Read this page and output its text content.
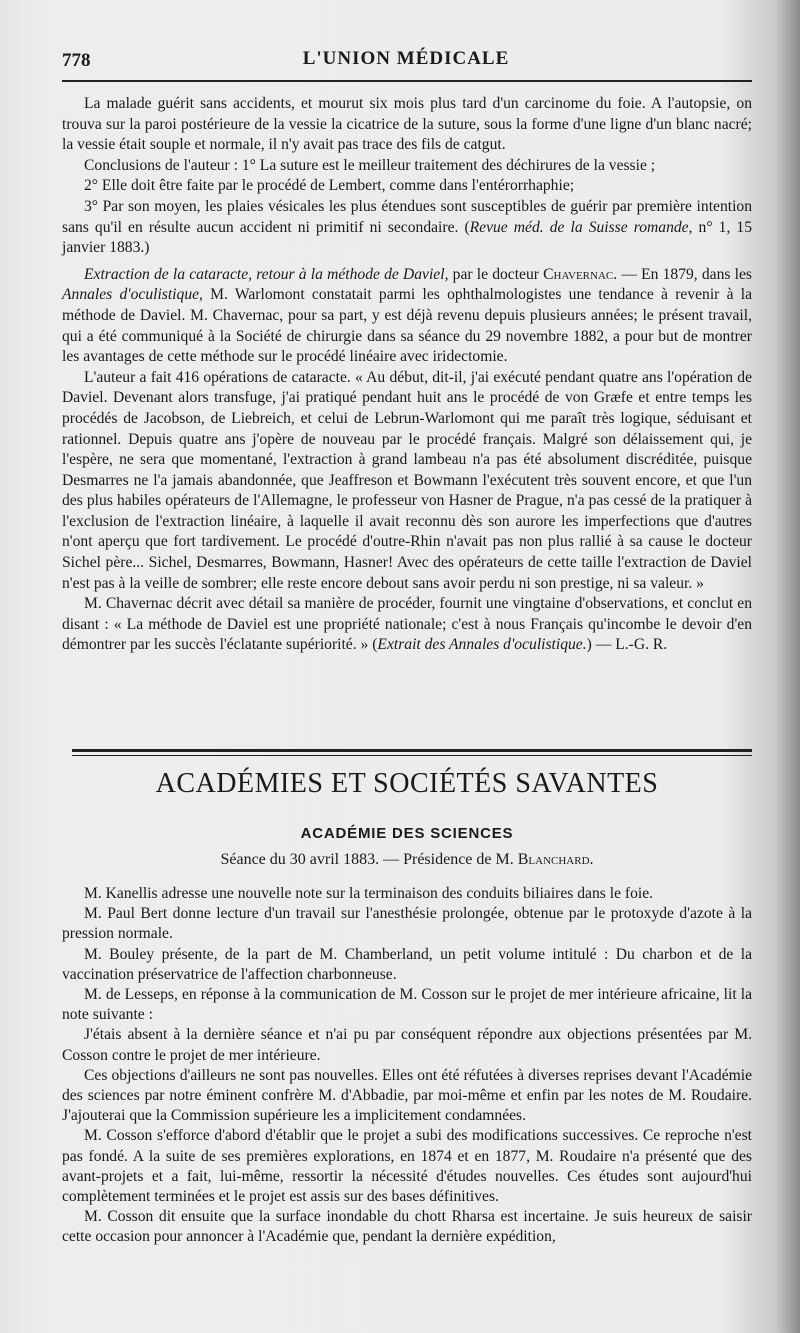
778	L'UNION MÉDICALE

La malade guérit sans accidents, et mourut six mois plus tard d'un carcinome du foie. A l'autopsie, on trouva sur la paroi postérieure de la vessie la cicatrice de la suture, sous la forme d'une ligne d'un blanc nacré; la vessie était souple et normale, il n'y avait pas trace des fils de catgut.

Conclusions de l'auteur : 1° La suture est le meilleur traitement des déchirures de la vessie ;

2° Elle doit être faite par le procédé de Lembert, comme dans l'entérorrhaphie;

3° Par son moyen, les plaies vésicales les plus étendues sont susceptibles de guérir par première intention sans qu'il en résulte aucun accident ni primitif ni secondaire. (Revue méd. de la Suisse romande, n° 1, 15 janvier 1883.)

Extraction de la cataracte, retour à la méthode de Daviel, par le docteur Chavernac. — En 1879, dans les Annales d'oculistique, M. Warlomont constatait parmi les ophthalmologistes une tendance à revenir à la méthode de Daviel. M. Chavernac, pour sa part, y est déjà revenu depuis plusieurs années; le présent travail, qui a été communiqué à la Société de chirurgie dans sa séance du 29 novembre 1882, a pour but de montrer les avantages de cette méthode sur le procédé linéaire avec iridectomie.

L'auteur a fait 416 opérations de cataracte. « Au début, dit-il, j'ai exécuté pendant quatre ans l'opération de Daviel. Devenant alors transfuge, j'ai pratiqué pendant huit ans le procédé de von Græfe et entre temps les procédés de Jacobson, de Liebreich, et celui de Lebrun-Warlomont qui me paraît très logique, séduisant et rationnel. Depuis quatre ans j'opère de nouveau par le procédé français. Malgré son délaissement qui, je l'espère, ne sera que momentané, l'extraction à grand lambeau n'a pas été absolument discréditée, puisque Desmarres ne l'a jamais abandonnée, que Jeaffreson et Bowmann l'exécutent très souvent encore, et que l'un des plus habiles opérateurs de l'Allemagne, le professeur von Hasner de Prague, n'a pas cessé de la pratiquer à l'exclusion de l'extraction linéaire, à laquelle il avait reconnu dès son aurore les imperfections que d'autres n'ont aperçu que fort tardivement. Le procédé d'outre-Rhin n'avait pas non plus rallié à sa cause le docteur Sichel père... Sichel, Desmarres, Bowmann, Hasner! Avec des opérateurs de cette taille l'extraction de Daviel n'est pas à la veille de sombrer; elle reste encore debout sans avoir perdu ni son prestige, ni sa valeur. »

M. Chavernac décrit avec détail sa manière de procéder, fournit une vingtaine d'observations, et conclut en disant : « La méthode de Daviel est une propriété nationale; c'est à nous Français qu'incombe le devoir d'en démontrer par les succès l'éclatante supériorité. » (Extrait des Annales d'oculistique.) — L.-G. R.

ACADÉMIES ET SOCIÉTÉS SAVANTES
ACADÉMIE DES SCIENCES
Séance du 30 avril 1883. — Présidence de M. Blanchard.

M. Kanellis adresse une nouvelle note sur la terminaison des conduits biliaires dans le foie.

M. Paul Bert donne lecture d'un travail sur l'anesthésie prolongée, obtenue par le protoxyde d'azote à la pression normale.

M. Bouley présente, de la part de M. Chamberland, un petit volume intitulé : Du charbon et de la vaccination préservatrice de l'affection charbonneuse.

M. de Lesseps, en réponse à la communication de M. Cosson sur le projet de mer intérieure africaine, lit la note suivante :

J'étais absent à la dernière séance et n'ai pu par conséquent répondre aux objections présentées par M. Cosson contre le projet de mer intérieure.

Ces objections d'ailleurs ne sont pas nouvelles. Elles ont été réfutées à diverses reprises devant l'Académie des sciences par notre éminent confrère M. d'Abbadie, par moi-même et enfin par les notes de M. Roudaire. J'ajouterai que la Commission supérieure les a implicitement condamnées.

M. Cosson s'efforce d'abord d'établir que le projet a subi des modifications successives. Ce reproche n'est pas fondé. A la suite de ses premières explorations, en 1874 et en 1877, M. Roudaire n'a présenté que des avant-projets et a fait, lui-même, ressortir la nécessité d'études nouvelles. Ces études sont aujourd'hui complètement terminées et le projet est assis sur des bases définitives.

M. Cosson dit ensuite que la surface inondable du chott Rharsa est incertaine. Je suis heureux de saisir cette occasion pour annoncer à l'Académie que, pendant la dernière expédition,
